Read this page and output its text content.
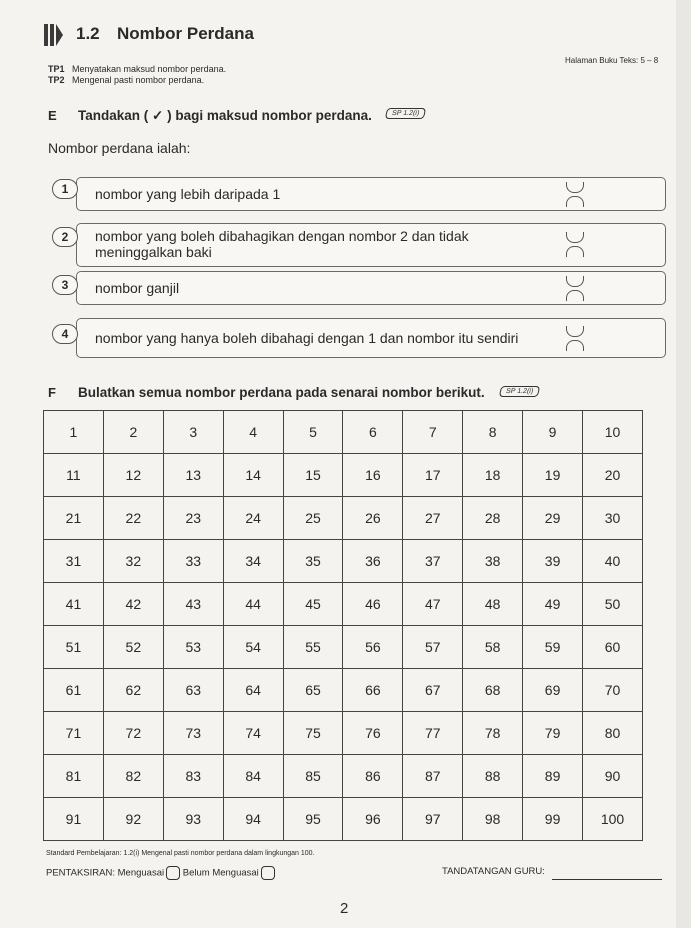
1.2 Nombor Perdana
Halaman Buku Teks: 5 – 8
TP1 Menyatakan maksud nombor perdana.
TP2 Mengenal pasti nombor perdana.
E Tandakan ( ✓ ) bagi maksud nombor perdana.	SP 1.2(i)
Nombor perdana ialah:
nombor yang lebih daripada 1
1
nombor yang boleh dibahagikan dengan nombor 2 dan tidak meninggalkan baki
2
nombor ganjil
3
nombor yang hanya boleh dibahagi dengan 1 dan nombor itu sendiri
4
F Bulatkan semua nombor perdana pada senarai nombor berikut.	SP 1.2(i)
1	2	3	4	5	6	7	8	9	10
11	12	13	14	15	16	17	18	19	20
21	22	23	24	25	26	27	28	29	30
31	32	33	34	35	36	37	38	39	40
41	42	43	44	45	46	47	48	49	50
51	52	53	54	55	56	57	58	59	60
61	62	63	64	65	66	67	68	69	70
71	72	73	74	75	76	77	78	79	80
81	82	83	84	85	86	87	88	89	90
91	92	93	94	95	96	97	98	99	100
Standard Pembelajaran: 1.2(i) Mengenal pasti nombor perdana dalam lingkungan 100.
PENTAKSIRAN: Menguasai Belum Menguasai	TANDATANGAN GURU:
2
